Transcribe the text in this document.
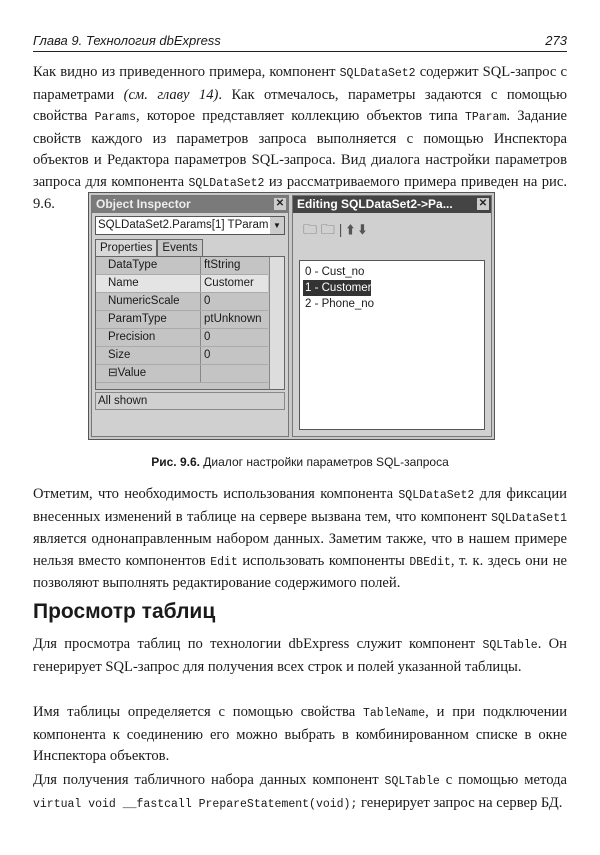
Глава 9. Технология dbExpress	273
Как видно из приведенного примера, компонент SQLDataSet2 содержит SQL-запрос с параметрами (см. главу 14). Как отмечалось, параметры задаются с помощью свойства Params, которое представляет коллекцию объектов типа TParam. Задание свойств каждого из параметров запроса выполняется с помощью Инспектора объектов и Редактора параметров SQL-запроса. Вид диалога настройки параметров запроса для компонента SQLDataSet2 из рассматриваемого примера приведен на рис. 9.6.	Object Inspector	✕
SQLDataSet2.Params[1] TParam ▼
Properties Events
DataType	ftString
Name	Customer
NumericScale	0
ParamType	ptUnknown
Precision	0
Size	0
⊟Value
All shown
Editing SQLDataSet2->Pa...	✕
🗀 🗀 | ⬆ ⬇
0 - Cust_no
1 - Customer
2 - Phone_no
Рис. 9.6. Диалог настройки параметров SQL-запроса
Отметим, что необходимость использования компонента SQLDataSet2 для фиксации внесенных изменений в таблице на сервере вызвана тем, что компонент SQLDataSet1 является однонаправленным набором данных. Заметим также, что в нашем примере нельзя вместо компонентов Edit использовать компоненты DBEdit, т. к. здесь они не позволяют выполнять редактирование содержимого полей.
Просмотр таблиц
Для просмотра таблиц по технологии dbExpress служит компонент SQLTable. Он генерирует SQL-запрос для получения всех строк и полей указанной таблицы.
Имя таблицы определяется с помощью свойства TableName, и при подключении компонента к соединению его можно выбрать в комбинированном списке в окне Инспектора объектов.
Для получения табличного набора данных компонент SQLTable с помощью метода virtual void __fastcall PrepareStatement(void); генерирует запрос на сервер БД.
